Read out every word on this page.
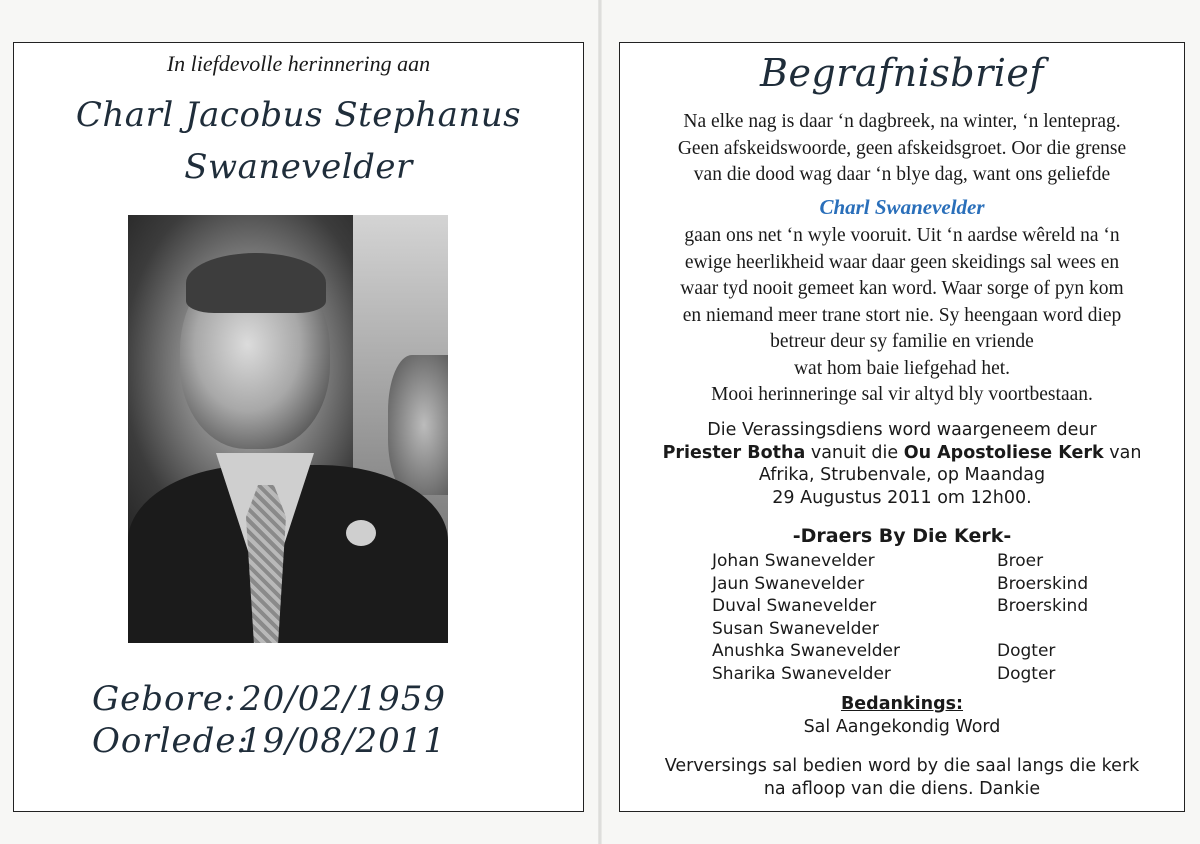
In liefdevolle herinnering aan
Charl Jacobus Stephanus
Swanevelder
Gebore: 20/02/1959
Oorlede:19/08/2011
Begrafnisbrief
Na elke nag is daar ‘n dagbreek, na winter, ‘n lenteprag.
Geen afskeidswoorde, geen afskeidsgroet. Oor die grense
van die dood wag daar ‘n blye dag, want ons geliefde
Charl Swanevelder
gaan ons net ‘n wyle vooruit. Uit ‘n aardse wêreld na ‘n
ewige heerlikheid waar daar geen skeidings sal wees en
waar tyd nooit gemeet kan word. Waar sorge of pyn kom
en niemand meer trane stort nie. Sy heengaan word diep
betreur deur sy familie en vriende
wat hom baie liefgehad het.
Mooi herinneringe sal vir altyd bly voortbestaan.
Die Verassingsdiens word waargeneem deur
Priester Botha vanuit die Ou Apostoliese Kerk van
Afrika, Strubenvale, op Maandag
29 Augustus 2011 om 12h00.
-Draers By Die Kerk-
Johan Swanevelder	Broer
Jaun Swanevelder	Broerskind
Duval Swanevelder	Broerskind
Susan Swanevelder
Anushka Swanevelder	Dogter
Sharika Swanevelder	Dogter
Bedankings:
Sal Aangekondig Word
Verversings sal bedien word by die saal langs die kerk
na afloop van die diens. Dankie
